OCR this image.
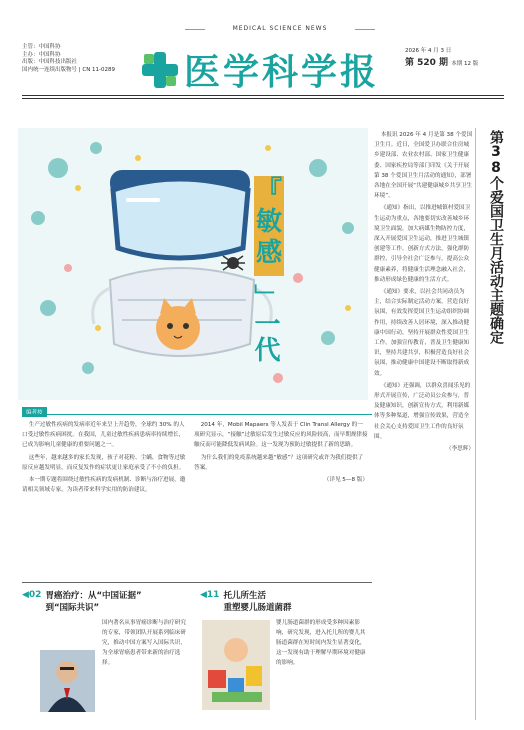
MEDICAL SCIENCE NEWS
主管：中国科协
主办：中国科协
出版：中国科技出版社
国内统一连续出版物号 | CN 11-0289	医学科学报	2026 年 4 月 3 日
第 520 期 本期 12 版
『
敏
感
」一代	第38个爱国卫生月活动主题确定

本报讯 2026 年 4 月是第 38 个爱国卫生月。近日，全国爱卫办联合住房城乡建设部、农业农村部、国家卫生健康委、国家疾控局等部门印发《关于开展第 38 个爱国卫生月活动的通知》，部署各地在全国开展“共建健康城乡共享卫生环境”。

《通知》指出，以推进城镇村爱国卫生运动为重点，各地要切实改善城乡环境卫生面貌，加大病媒生物防控力度，深入开展爱国卫生运动，推进卫生城镇创建等工作。创新方式方法，强化群防群控，引导全社会广泛参与，提高公众健康素养，将健康生活理念融入社会，推动形成绿色健康的生活方式。

《通知》要求，以社会共同动员为主，结合实际制定活动方案，营造良好氛围，有效发挥爱国卫生运动组织协调作用，持续改善人居环境，深入推动健康中国行动，坚持开展群众性爱国卫生工作。加强宣传教育，普及卫生健康知识，坚持共建共享，积极营造良好社会氛围，推动健康中国建设不断取得新成效。

《通知》还强调，以群众喜闻乐见的形式开展宣传，广泛动员公众参与，普及健康知识，创新宣传方式，利用新媒体等多种渠道，增强宣传效果，营造全社会关心支持爱国卫生工作的良好氛围。

（李思辉）
编者按

生产过敏性疾病的发病率近年来呈上升趋势，全球约 30% 的人口受过敏性疾病困扰。在我国，儿童过敏性疾病患病率持续增长，已成为影响儿童健康的重要问题之一。

这些年，越来越多的家长发现，孩子对花粉、尘螨、食物等过敏原反应越发明显，而反复发作的症状更让家庭承受了不小的负担。

本一期专题将围绕过敏性疾病的发病机制、诊断与治疗进展，邀请相关领域专家，为读者带来科学实用的防治建议。

2014 年，Mobil Mapaers 等人发表于 Clin Transl Allergy 的一项研究显示，“接触”过敏原后发生过敏反应的风险较高，而早期规律接触反而可能降低发病风险。这一发现为预防过敏提供了新的思路。

为什么我们的免疫系统越来越“敏感”？这项研究或许为我们提供了答案。

（详见 5—8 版）
◀02 胃癌治疗：从“中国证据”
到“国际共识”
国内著名从事胃癌诊断与治疗研究的专家，带领团队开展系列临床研究，推动中国方案写入国际共识，为全球胃癌患者带来新的治疗选择。
◀11 托儿所生活
重塑婴儿肠道菌群
婴儿肠道菌群的形成受多种因素影响，研究发现，进入托儿所的婴儿其肠道菌群在短时间内发生显著变化，这一发现有助于理解早期环境对健康的影响。
